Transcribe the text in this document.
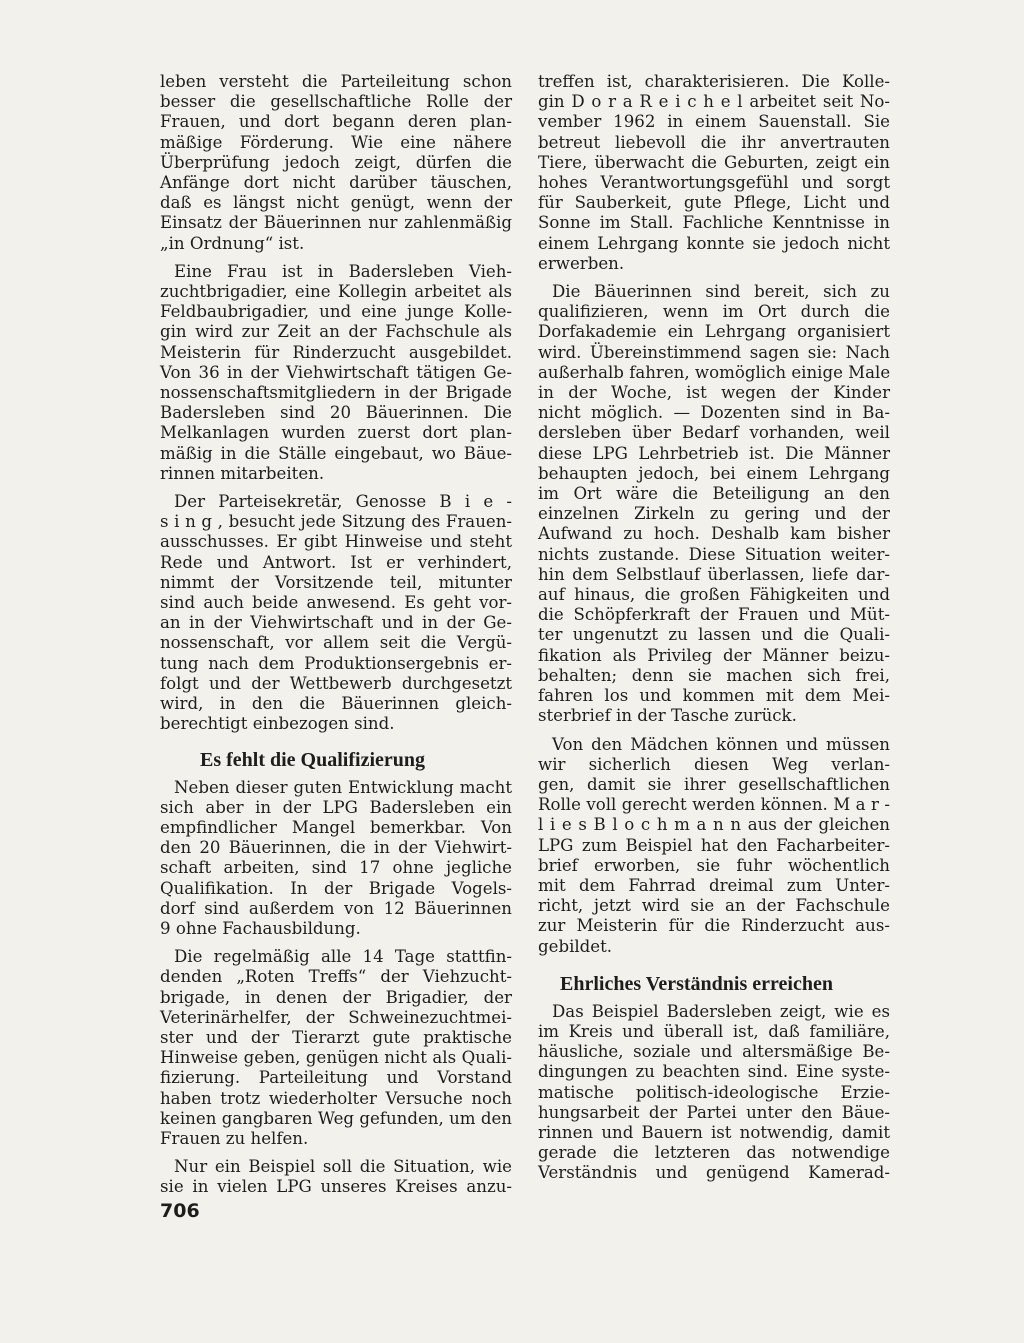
leben versteht die Parteileitung schon
besser die gesellschaftliche Rolle der
Frauen, und dort begann deren plan-
mäßige Förderung. Wie eine nähere
Überprüfung jedoch zeigt, dürfen die
Anfänge dort nicht darüber täuschen,
daß es längst nicht genügt, wenn der
Einsatz der Bäuerinnen nur zahlenmäßig
„in Ordnung“ ist.

Eine Frau ist in Badersleben Vieh-
zuchtbrigadier, eine Kollegin arbeitet als
Feldbaubrigadier, und eine junge Kolle-
gin wird zur Zeit an der Fachschule als
Meisterin für Rinderzucht ausgebildet.
Von 36 in der Viehwirtschaft tätigen Ge-
nossenschaftsmitgliedern in der Brigade
Badersleben sind 20 Bäuerinnen. Die
Melkanlagen wurden zuerst dort plan-
mäßig in die Ställe eingebaut, wo Bäue-
rinnen mitarbeiten.

Der Parteisekretär, Genosse B i e -
s i n g , besucht jede Sitzung des Frauen-
ausschusses. Er gibt Hinweise und steht
Rede und Antwort. Ist er verhindert,
nimmt der Vorsitzende teil, mitunter
sind auch beide anwesend. Es geht vor-
an in der Viehwirtschaft und in der Ge-
nossenschaft, vor allem seit die Vergü-
tung nach dem Produktionsergebnis er-
folgt und der Wettbewerb durchgesetzt
wird, in den die Bäuerinnen gleich-
berechtigt einbezogen sind.

Es fehlt die Qualifizierung

Neben dieser guten Entwicklung macht
sich aber in der LPG Badersleben ein
empfindlicher Mangel bemerkbar. Von
den 20 Bäuerinnen, die in der Viehwirt-
schaft arbeiten, sind 17 ohne jegliche
Qualifikation. In der Brigade Vogels-
dorf sind außerdem von 12 Bäuerinnen
9 ohne Fachausbildung.

Die regelmäßig alle 14 Tage stattfin-
denden „Roten Treffs“ der Viehzucht-
brigade, in denen der Brigadier, der
Veterinärhelfer, der Schweinezuchtmei-
ster und der Tierarzt gute praktische
Hinweise geben, genügen nicht als Quali-
fizierung. Parteileitung und Vorstand
haben trotz wiederholter Versuche noch
keinen gangbaren Weg gefunden, um den
Frauen zu helfen.

Nur ein Beispiel soll die Situation, wie
sie in vielen LPG unseres Kreises anzu-

treffen ist, charakterisieren. Die Kolle-
gin D o r a R e i c h e l arbeitet seit No-
vember 1962 in einem Sauenstall. Sie
betreut liebevoll die ihr anvertrauten
Tiere, überwacht die Geburten, zeigt ein
hohes Verantwortungsgefühl und sorgt
für Sauberkeit, gute Pflege, Licht und
Sonne im Stall. Fachliche Kenntnisse in
einem Lehrgang konnte sie jedoch nicht
erwerben.

Die Bäuerinnen sind bereit, sich zu
qualifizieren, wenn im Ort durch die
Dorfakademie ein Lehrgang organisiert
wird. Übereinstimmend sagen sie: Nach
außerhalb fahren, womöglich einige Male
in der Woche, ist wegen der Kinder
nicht möglich. — Dozenten sind in Ba-
dersleben über Bedarf vorhanden, weil
diese LPG Lehrbetrieb ist. Die Männer
behaupten jedoch, bei einem Lehrgang
im Ort wäre die Beteiligung an den
einzelnen Zirkeln zu gering und der
Aufwand zu hoch. Deshalb kam bisher
nichts zustande. Diese Situation weiter-
hin dem Selbstlauf überlassen, liefe dar-
auf hinaus, die großen Fähigkeiten und
die Schöpferkraft der Frauen und Müt-
ter ungenutzt zu lassen und die Quali-
fikation als Privileg der Männer beizu-
behalten; denn sie machen sich frei,
fahren los und kommen mit dem Mei-
sterbrief in der Tasche zurück.

Von den Mädchen können und müssen
wir sicherlich diesen Weg verlan-
gen, damit sie ihrer gesellschaftlichen
Rolle voll gerecht werden können. M a r -
l i e s B l o c h m a n n aus der gleichen
LPG zum Beispiel hat den Facharbeiter-
brief erworben, sie fuhr wöchentlich
mit dem Fahrrad dreimal zum Unter-
richt, jetzt wird sie an der Fachschule
zur Meisterin für die Rinderzucht aus-
gebildet.

Ehrliches Verständnis erreichen

Das Beispiel Badersleben zeigt, wie es
im Kreis und überall ist, daß familiäre,
häusliche, soziale und altersmäßige Be-
dingungen zu beachten sind. Eine syste-
matische politisch-ideologische Erzie-
hungsarbeit der Partei unter den Bäue-
rinnen und Bauern ist notwendig, damit
gerade die letzteren das notwendige
Verständnis und genügend Kamerad-

706
